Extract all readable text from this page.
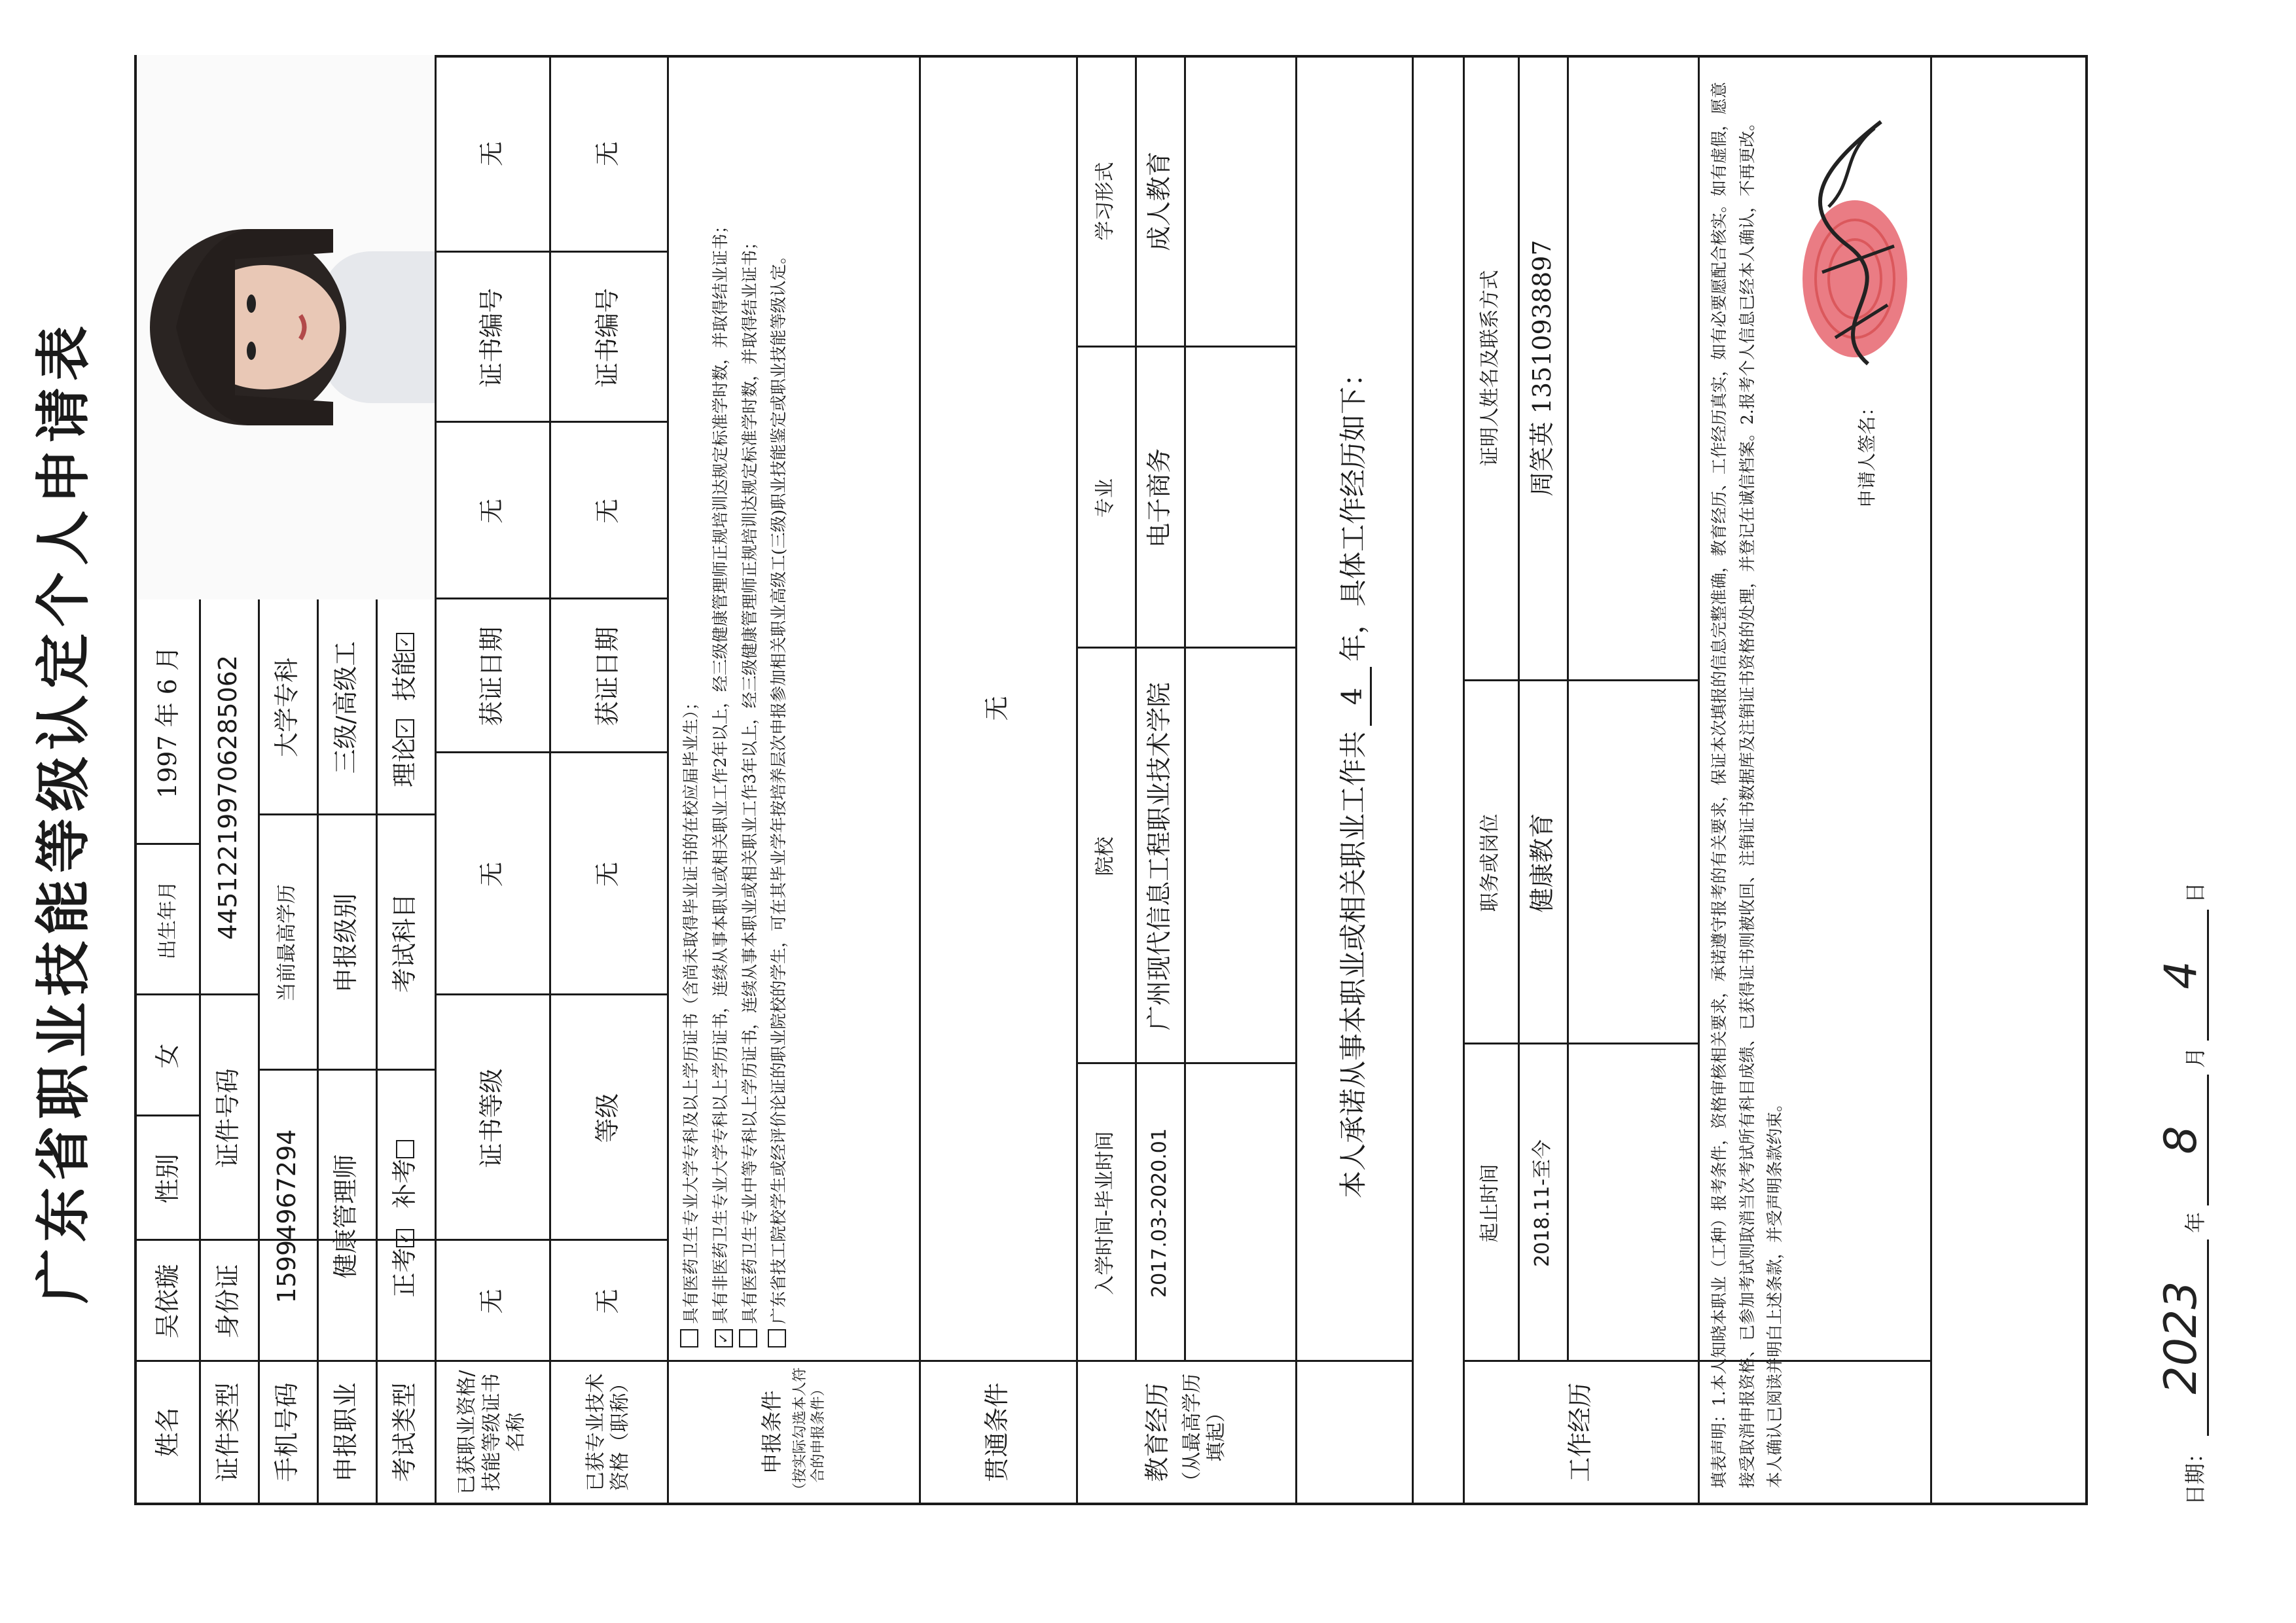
广东省职业技能等级认定个人申请表
姓名
吴依璇
性别
女
出生年月
1997 年 6 月
证件类型
身份证
证件号码
445122199706285062
手机号码
15994967294
当前最高学历
大学专科
申报职业
健康管理师
申报级别
三级/高级工
考试类型
正考
✓
补考
考试科目
理论
✓
技能
✓
已获职业资格/技能等级证书名称
无
证书等级
无
获证日期
无
证书编号
无
已获专业技术资格（职称）
无
等级
无
获证日期
无
证书编号
无
申报条件 （按实际勾选本人符合的申报条件）
具有医药卫生专业大学专科及以上学历证书（含尚未取得毕业证书的在校应届毕业生）；
✓具有非医药卫生专业大学专科以上学历证书，连续从事本职业或相关职业工作2年以上，经三级健康管理师正规培训达规定标准学时数，并取得结业证书； 具有医药卫生专业中等专科以上学历证书，连续从事本职业或相关职业工作3年以上，经三级健康管理师正规培训达规定标准学时数，并取得结业证书； 广东省技工院校学生或经评价论证的职业院校的学生，可在其毕业学年按培养层次申报参加相关职业高级工(三级)职业技能鉴定或职业技能等级认定。
贯通条件
无
教育经历 （从最高学历填起）
入学时间-毕业时间
院校
专业
学习形式
2017.03-2020.01
广州现代信息工程职业技术学院
电子商务
成人教育
本人承诺从事本职业或相关职业工作共
4
年，具体工作经历如下：
工作经历
起止时间
职务或岗位
证明人姓名及联系方式
2018.11-至今
健康教育
周笑英 13510938897	填表声明：1.本人知晓本职业（工种）报考条件，资格审核相关要求，承诺遵守报考的有关要求，保证本次填报的信息完整准确，教育经历、工作经历真实，如有必要愿配合核实。如有虚假，愿意接受取消申报资格、已参加考试则取消当次考试所有科目成绩、已获得证书则被收回、注销证书数据库及注销证书资格的处理，并登记在诚信档案。2.报考个人信息已经本人确认，不再更改。 本人确认已阅读并明白上述条款，并受声明条款约束。
申请人签名：
日期：
2023
年
8
月
4
日
